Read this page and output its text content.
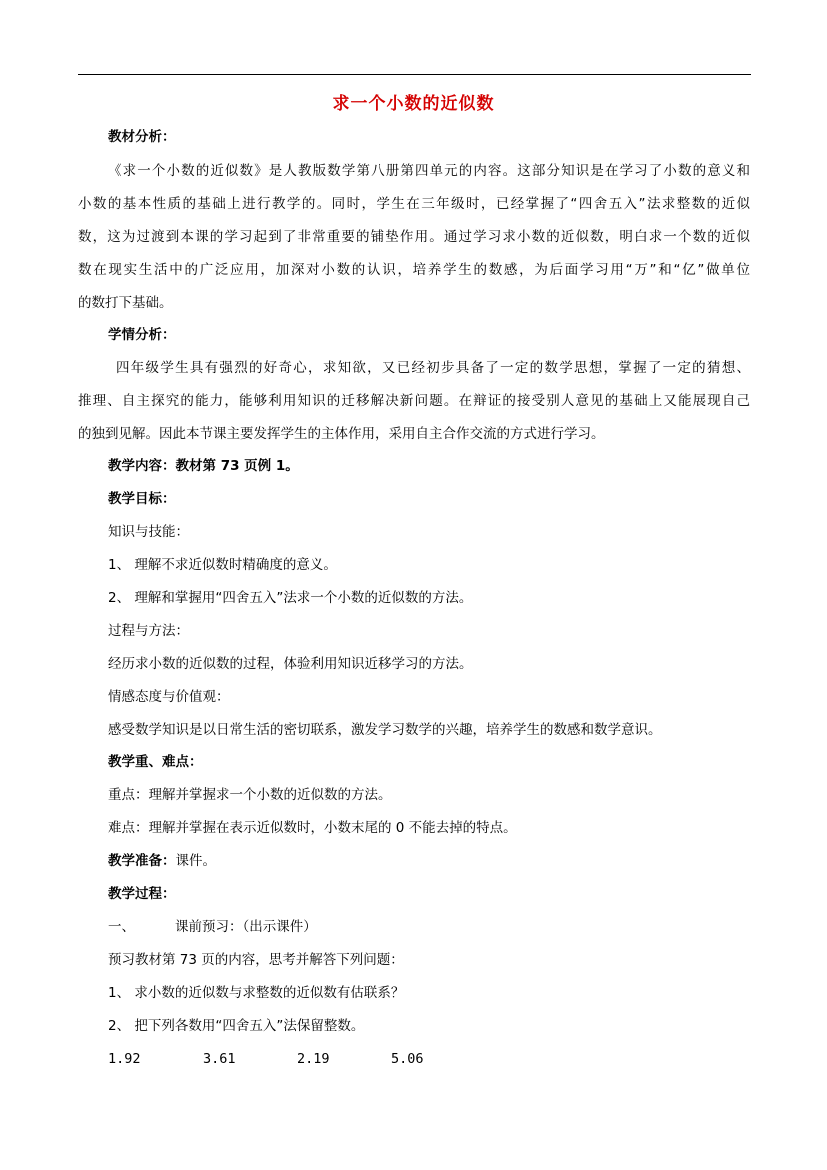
求一个小数的近似数
教材分析：
《求一个小数的近似数》是人教版数学第八册第四单元的内容。这部分知识是在学习了小数的意义和
小数的基本性质的基础上进行教学的。同时，学生在三年级时，已经掌握了“四舍五入”法求整数的近似
数，这为过渡到本课的学习起到了非常重要的铺垫作用。通过学习求小数的近似数，明白求一个数的近似
数在现实生活中的广泛应用，加深对小数的认识，培养学生的数感，为后面学习用“万”和“亿”做单位
的数打下基础。
学情分析：
四年级学生具有强烈的好奇心，求知欲，又已经初步具备了一定的数学思想，掌握了一定的猜想、
推理、自主探究的能力，能够利用知识的迁移解决新问题。在辩证的接受别人意见的基础上又能展现自己
的独到见解。因此本节课主要发挥学生的主体作用，采用自主合作交流的方式进行学习。
教学内容：教材第 73 页例 1。
教学目标：
知识与技能：
1、 理解不求近似数时精确度的意义。
2、 理解和掌握用“四舍五入”法求一个小数的近似数的方法。
过程与方法：
经历求小数的近似数的过程，体验利用知识近移学习的方法。
情感态度与价值观：
感受数学知识是以日常生活的密切联系，激发学习数学的兴趣，培养学生的数感和数学意识。
教学重、难点：
重点：理解并掌握求一个小数的近似数的方法。
难点：理解并掌握在表示近似数时，小数末尾的 0 不能去掉的特点。
教学准备：课件。
教学过程：
一、	课前预习：（出示课件）
预习教材第 73 页的内容，思考并解答下列问题：
1、 求小数的近似数与求整数的近似数有估联系？
2、 把下列各数用“四舍五入”法保留整数。
1.92	3.61	2.19	5.06
